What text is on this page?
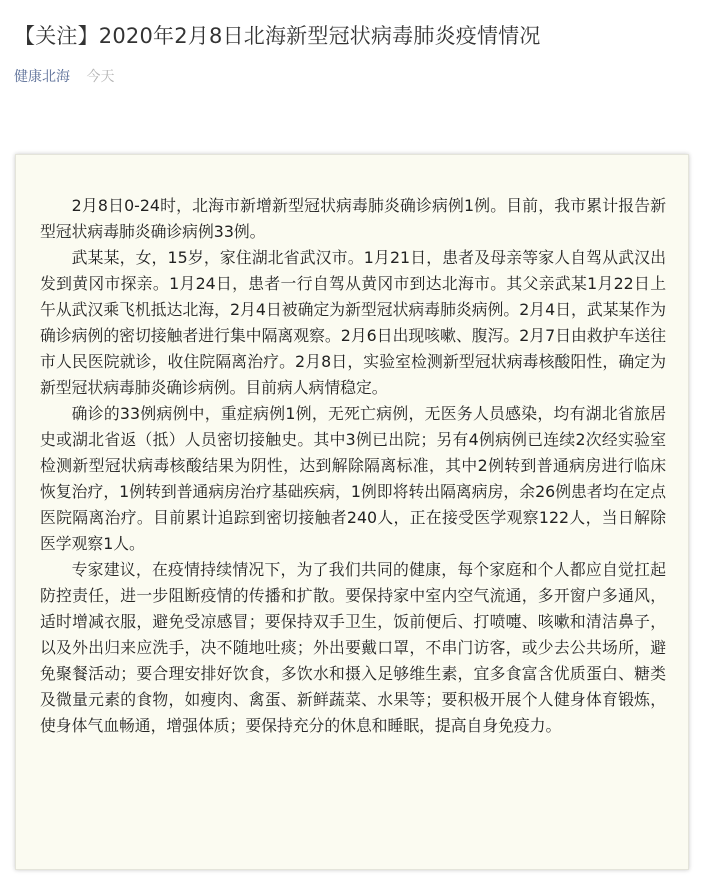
【关注】2020年2月8日北海新型冠状病毒肺炎疫情情况
健康北海 今天

2月8日0-24时，北海市新增新型冠状病毒肺炎确诊病例1例。目前，我市累计报告新型冠状病毒肺炎确诊病例33例。

武某某，女，15岁，家住湖北省武汉市。1月21日，患者及母亲等家人自驾从武汉出发到黄冈市探亲。1月24日，患者一行自驾从黄冈市到达北海市。其父亲武某1月22日上午从武汉乘飞机抵达北海，2月4日被确定为新型冠状病毒肺炎病例。2月4日，武某某作为确诊病例的密切接触者进行集中隔离观察。2月6日出现咳嗽、腹泻。2月7日由救护车送往市人民医院就诊，收住院隔离治疗。2月8日，实验室检测新型冠状病毒核酸阳性，确定为新型冠状病毒肺炎确诊病例。目前病人病情稳定。

确诊的33例病例中，重症病例1例，无死亡病例，无医务人员感染，均有湖北省旅居史或湖北省返（抵）人员密切接触史。其中3例已出院；另有4例病例已连续2次经实验室检测新型冠状病毒核酸结果为阴性，达到解除隔离标准，其中2例转到普通病房进行临床恢复治疗，1例转到普通病房治疗基础疾病，1例即将转出隔离病房，余26例患者均在定点医院隔离治疗。目前累计追踪到密切接触者240人，正在接受医学观察122人，当日解除医学观察1人。

专家建议，在疫情持续情况下，为了我们共同的健康，每个家庭和个人都应自觉扛起防控责任，进一步阻断疫情的传播和扩散。要保持家中室内空气流通，多开窗户多通风，适时增减衣服，避免受凉感冒；要保持双手卫生，饭前便后、打喷嚏、咳嗽和清洁鼻子，以及外出归来应洗手，决不随地吐痰；外出要戴口罩，不串门访客，或少去公共场所，避免聚餐活动；要合理安排好饮食，多饮水和摄入足够维生素，宜多食富含优质蛋白、糖类及微量元素的食物，如瘦肉、禽蛋、新鲜蔬菜、水果等；要积极开展个人健身体育锻炼，使身体气血畅通，增强体质；要保持充分的休息和睡眠，提高自身免疫力。
